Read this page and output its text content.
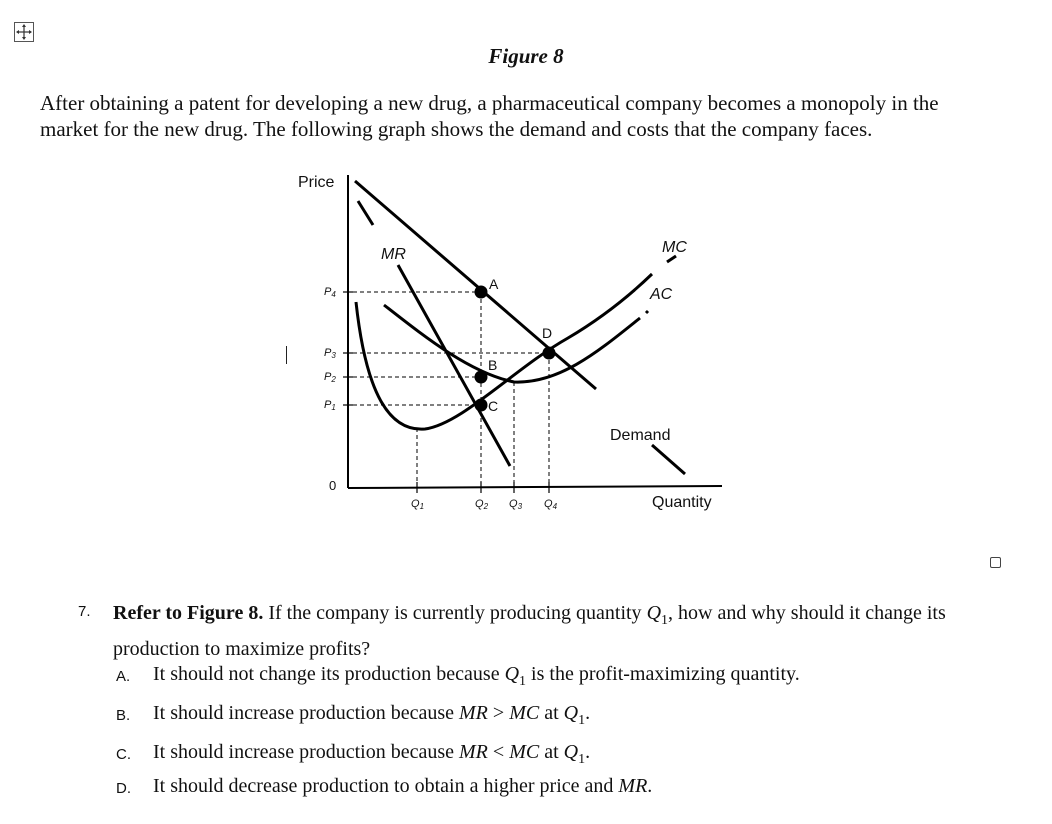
Figure 8
After obtaining a patent for developing a new drug, a pharmaceutical company becomes a monopoly in the market for the new drug. The following graph shows the demand and costs that the company faces.
Price
Quantity
0
MR	MC
AC
Demand
A
B
C
D
P4
P3
P2
P1
Q1	Q2 Q3 Q4
7. Refer to Figure 8. If the company is currently producing quantity $Q_1$, how and why should it change its production to maximize profits?
A. It should not change its production because $Q_1$ is the profit-maximizing quantity.
B. It should increase production because MR > MC at $Q_1$.
C. It should increase production because MR < MC at $Q_1$.
D. It should decrease production to obtain a higher price and MR.
